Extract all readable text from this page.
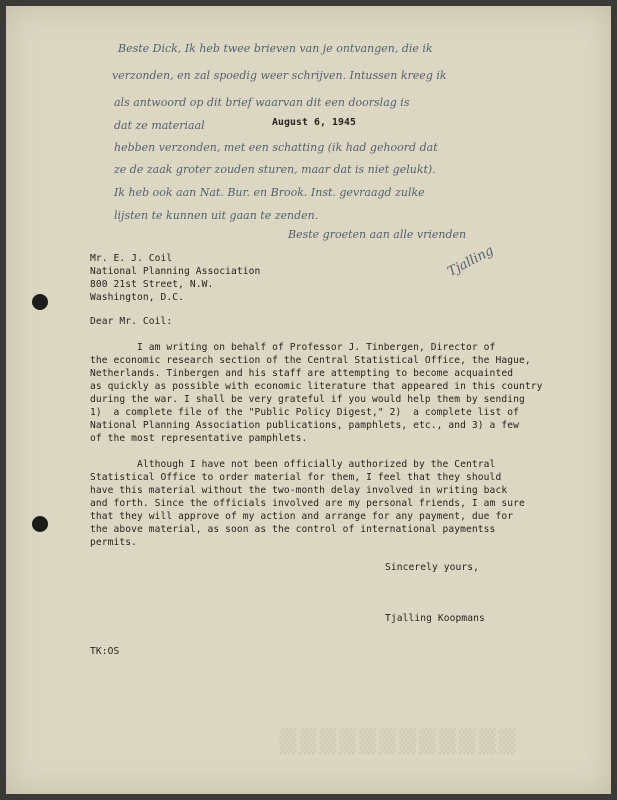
Beste Dick, Ik heb twee brieven van je ontvangen, die ik
verzonden, en zal spoedig weer schrijven. Intussen kreeg ik
als antwoord op dit brief waarvan dit een doorslag is
dat ze materiaal
hebben verzonden, met een schatting (ik had gehoord dat
ze de zaak groter zouden sturen, maar dat is niet gelukt).
Ik heb ook aan Nat. Bur. en Brook. Inst. gevraagd zulke
lijsten te kunnen uit gaan te zenden.
Beste groeten aan alle vrienden
Tjalling
August 6, 1945
Mr. E. J. Coil
National Planning Association
800 21st Street, N.W.
Washington, D.C.
Dear Mr. Coil:
I am writing on behalf of Professor J. Tinbergen, Director of
the economic research section of the Central Statistical Office, the Hague,
Netherlands. Tinbergen and his staff are attempting to become acquainted
as quickly as possible with economic literature that appeared in this country
during the war. I shall be very grateful if you would help them by sending
1)  a complete file of the "Public Policy Digest," 2)  a complete list of
National Planning Association publications, pamphlets, etc., and 3) a few
of the most representative pamphlets.
Although I have not been officially authorized by the Central
Statistical Office to order material for them, I feel that they should
have this material without the two-month delay involved in writing back
and forth. Since the officials involved are my personal friends, I am sure
that they will approve of my action and arrange for any payment, due for
the above material, as soon as the control of international paymentss
permits.
Sincerely yours,
Tjalling Koopmans
TK:OS
▒▒▒▒▒▒▒▒▒▒▒▒
